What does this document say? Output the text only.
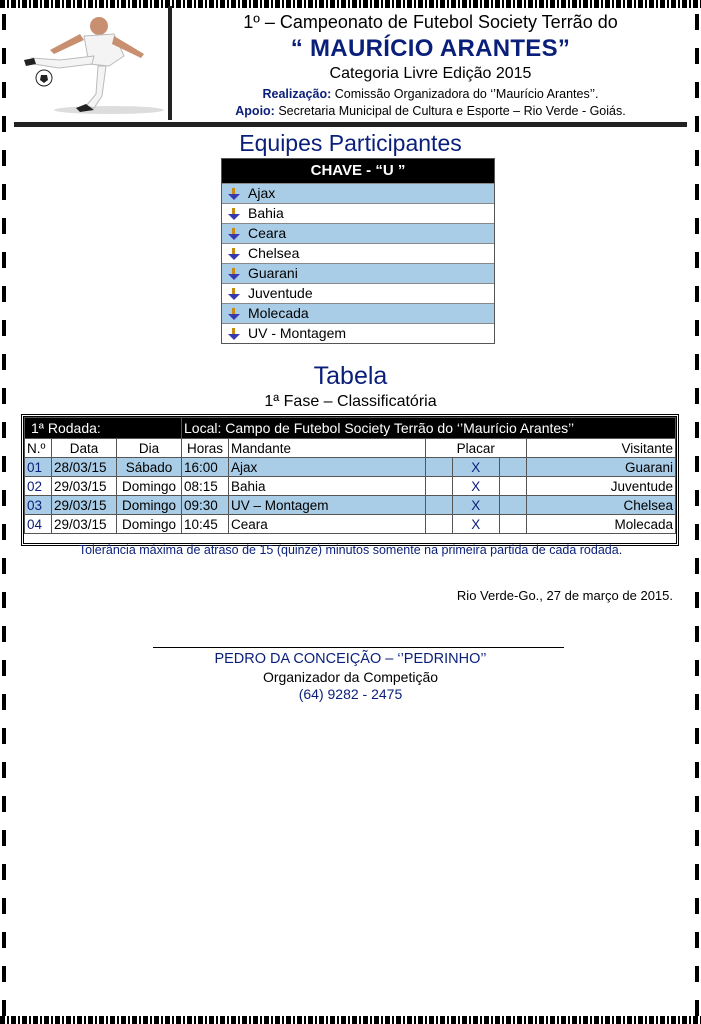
1º – Campeonato de Futebol Society Terrão do
“ MAURÍCIO ARANTES”
Categoria Livre Edição 2015
Realização: Comissão Organizadora do ‘’Maurício Arantes’’.
Apoio: Secretaria Municipal de Cultura e Esporte – Rio Verde - Goiás.
Equipes Participantes
CHAVE - “U ”
Ajax
Bahia
Ceara
Chelsea
Guarani
Juventude
Molecada
UV - Montagem
Tabela
1ª Fase – Classificatória
1ª Rodada:			Local: Campo de Futebol Society Terrão do ‘’Maurício Arantes’’					
N.º	Data	Dia	Horas	Mandante	Placar			Visitante
01	28/03/15	Sábado	16:00	Ajax		X		Guarani
02	29/03/15	Domingo	08:15	Bahia		X		Juventude
03	29/03/15	Domingo	09:30	UV – Montagem		X		Chelsea
04	29/03/15	Domingo	10:45	Ceara		X		Molecada
Tolerância máxima de atraso de 15 (quinze) minutos somente na primeira partida de cada rodada.
Rio Verde-Go., 27 de março de 2015.
PEDRO DA CONCEIÇÃO – ‘’PEDRINHO’’
Organizador da Competição
(64) 9282 - 2475
